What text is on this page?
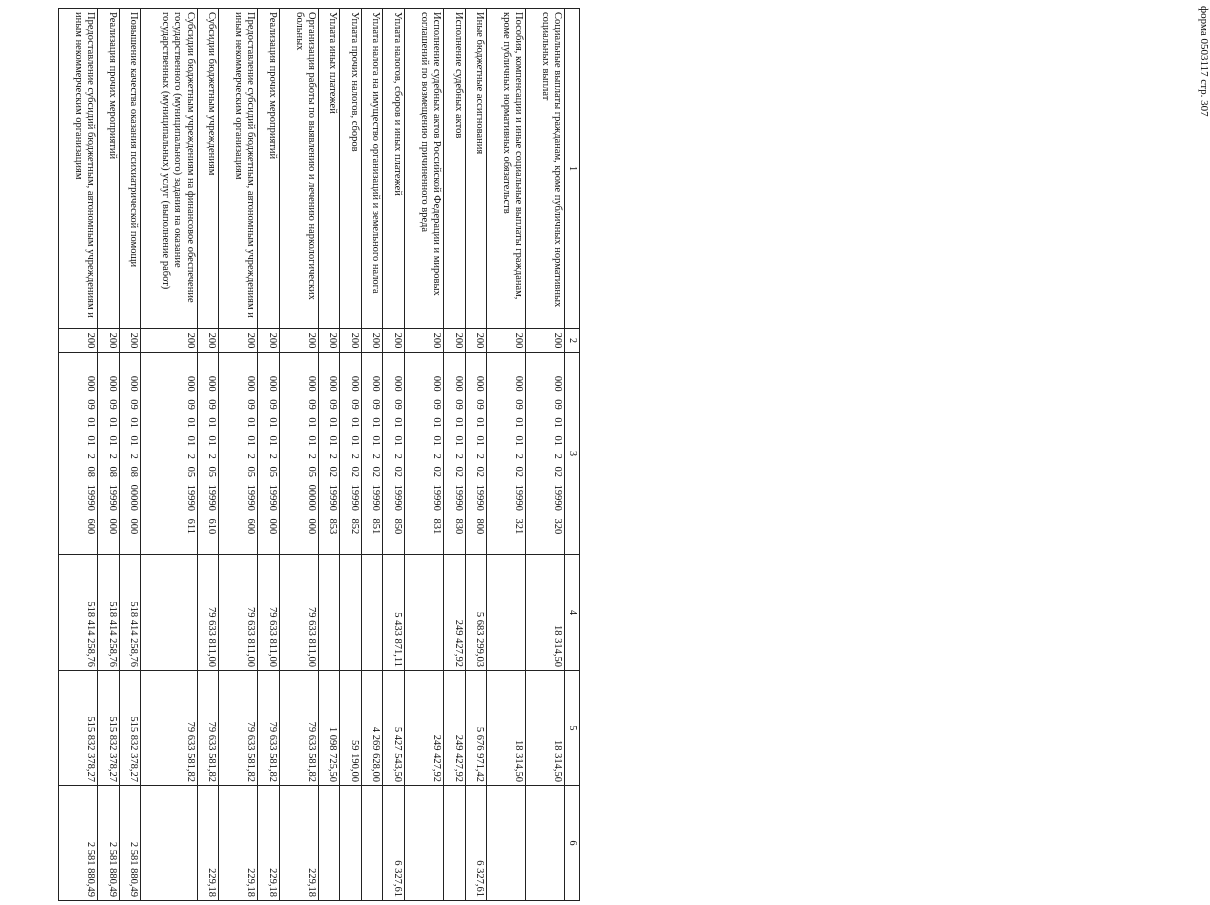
форма 0503117 стр. 307
1	2	3	4	5	6
Социальные выплаты гражданам, кроме публичных нормативных социальных выплат	200	000 09 01 01 2 02 19990 320	18 314,50	18 314,50	
Пособия, компенсации и иные социальные выплаты гражданам, кроме публичных нормативных обязательств	200	000 09 01 01 2 02 19990 321		18 314,50	
Иные бюджетные ассигнования	200	000 09 01 01 2 02 19990 800	5 683 299,03	5 676 971,42	6 327,61
Исполнение судебных актов	200	000 09 01 01 2 02 19990 830	249 427,92	249 427,92	
Исполнение судебных актов Российской Федерации и мировых соглашений по возмещению причиненного вреда	200	000 09 01 01 2 02 19990 831		249 427,92	
Уплата налогов, сборов и иных платежей	200	000 09 01 01 2 02 19990 850	5 433 871,11	5 427 543,50	6 327,61
Уплата налога на имущество организаций и земельного налога	200	000 09 01 01 2 02 19990 851		4 269 628,00	
Уплата прочих налогов, сборов	200	000 09 01 01 2 02 19990 852		59 190,00	
Уплата иных платежей	200	000 09 01 01 2 02 19990 853		1 098 725,50	
Организация работы по выявлению и лечению наркологических больных	200	000 09 01 01 2 05 00000 000	79 633 811,00	79 633 581,82	229,18
Реализация прочих мероприятий	200	000 09 01 01 2 05 19990 000	79 633 811,00	79 633 581,82	229,18
Предоставление субсидий бюджетным, автономным учреждениям и иным некоммерческим организациям	200	000 09 01 01 2 05 19990 600	79 633 811,00	79 633 581,82	229,18
Субсидии бюджетным учреждениям	200	000 09 01 01 2 05 19990 610	79 633 811,00	79 633 581,82	229,18
Субсидии бюджетным учреждениям на финансовое обеспечение государственного (муниципального) задания на оказание государственных (муниципальных) услуг (выполнение работ)	200	000 09 01 01 2 05 19990 611		79 633 581,82	
Повышение качества оказания психиатрической помощи	200	000 09 01 01 2 08 00000 000	518 414 258,76	515 832 378,27	2 581 880,49
Реализация прочих мероприятий	200	000 09 01 01 2 08 19990 000	518 414 258,76	515 832 378,27	2 581 880,49
Предоставление субсидий бюджетным, автономным учреждениям и иным некоммерческим организациям	200	000 09 01 01 2 08 19990 600	518 414 258,76	515 832 378,27	2 581 880,49
